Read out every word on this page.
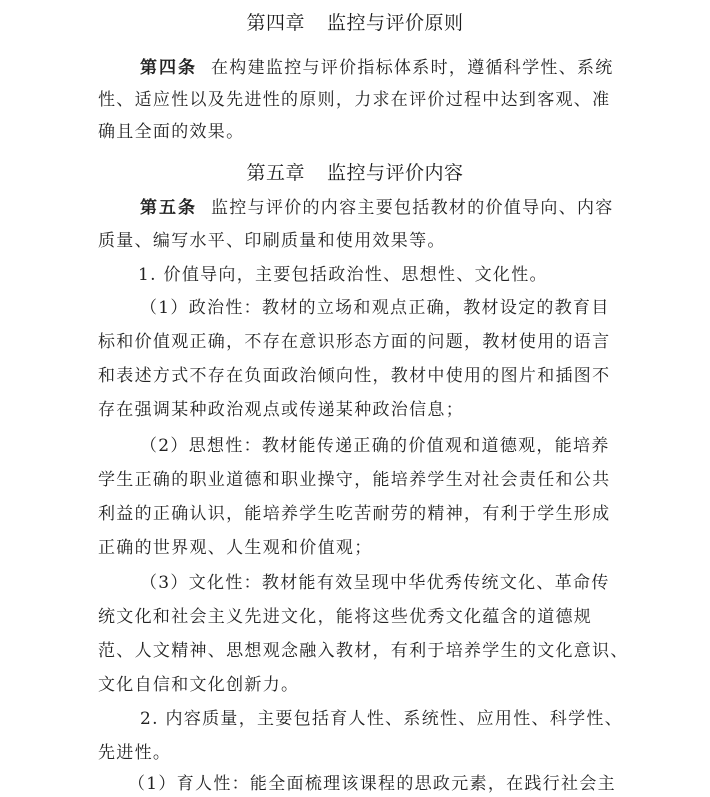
第四章 监控与评价原则
第四条 在构建监控与评价指标体系时，遵循科学性、系统
性、适应性以及先进性的原则，力求在评价过程中达到客观、准
确且全面的效果。
第五章 监控与评价内容
第五条 监控与评价的内容主要包括教材的价值导向、内容
质量、编写水平、印刷质量和使用效果等。
1. 价值导向，主要包括政治性、思想性、文化性。
（1）政治性：教材的立场和观点正确，教材设定的教育目
标和价值观正确，不存在意识形态方面的问题，教材使用的语言
和表述方式不存在负面政治倾向性，教材中使用的图片和插图不
存在强调某种政治观点或传递某种政治信息；
（2）思想性：教材能传递正确的价值观和道德观，能培养
学生正确的职业道德和职业操守，能培养学生对社会责任和公共
利益的正确认识，能培养学生吃苦耐劳的精神，有利于学生形成
正确的世界观、人生观和价值观；
（3）文化性：教材能有效呈现中华优秀传统文化、革命传
统文化和社会主义先进文化，能将这些优秀文化蕴含的道德规
范、人文精神、思想观念融入教材，有利于培养学生的文化意识、
文化自信和文化创新力。
2. 内容质量，主要包括育人性、系统性、应用性、科学性、
先进性。
（1）育人性：能全面梳理该课程的思政元素，在践行社会主
